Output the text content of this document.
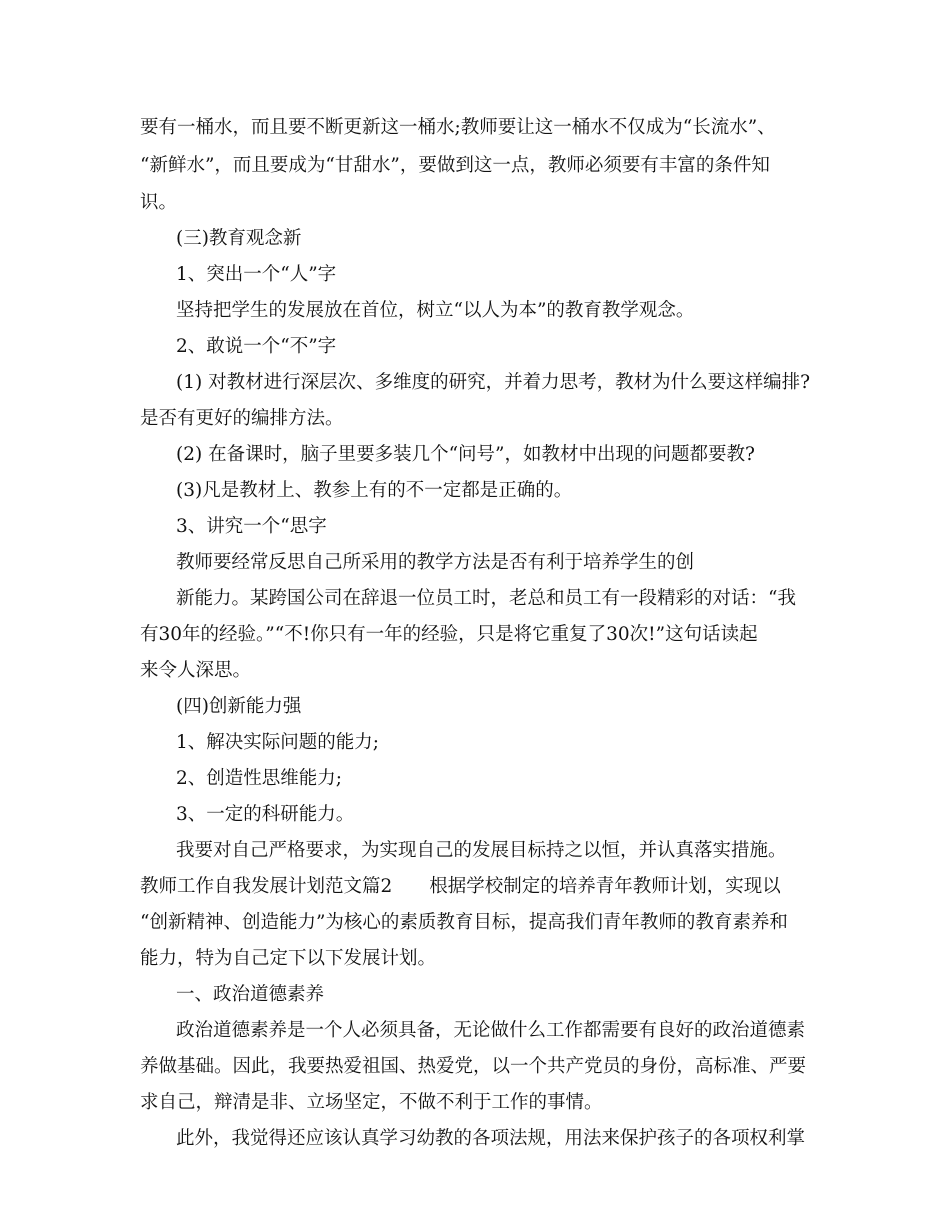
要有一桶水，而且要不断更新这一桶水;教师要让这一桶水不仅成为“长流水”、
“新鲜水”，而且要成为“甘甜水”，要做到这一点，教师必须要有丰富的条件知
识。
(三)教育观念新
1、突出一个“人”字
坚持把学生的发展放在首位，树立“以人为本”的教育教学观念。
2、敢说一个“不”字
(1) 对教材进行深层次、多维度的研究，并着力思考，教材为什么要这样编排?
是否有更好的编排方法。
(2) 在备课时，脑子里要多装几个“问号”，如教材中出现的问题都要教?
(3)凡是教材上、教参上有的不一定都是正确的。
3、讲究一个“思字
教师要经常反思自己所采用的教学方法是否有利于培养学生的创
新能力。某跨国公司在辞退一位员工时，老总和员工有一段精彩的对话：“我
有30年的经验。”“不!你只有一年的经验，只是将它重复了30次!”这句话读起
来令人深思。
(四)创新能力强
1、解决实际问题的能力;
2、创造性思维能力;
3、一定的科研能力。
我要对自己严格要求，为实现自己的发展目标持之以恒，并认真落实措施。
教师工作自我发展计划范文篇2　　根据学校制定的培养青年教师计划，实现以
“创新精神、创造能力”为核心的素质教育目标，提高我们青年教师的教育素养和
能力，特为自己定下以下发展计划。
一、政治道德素养
政治道德素养是一个人必须具备，无论做什么工作都需要有良好的政治道德素
养做基础。因此，我要热爱祖国、热爱党，以一个共产党员的身份，高标准、严要
求自己，辩清是非、立场坚定，不做不利于工作的事情。
此外，我觉得还应该认真学习幼教的各项法规，用法来保护孩子的各项权利掌
